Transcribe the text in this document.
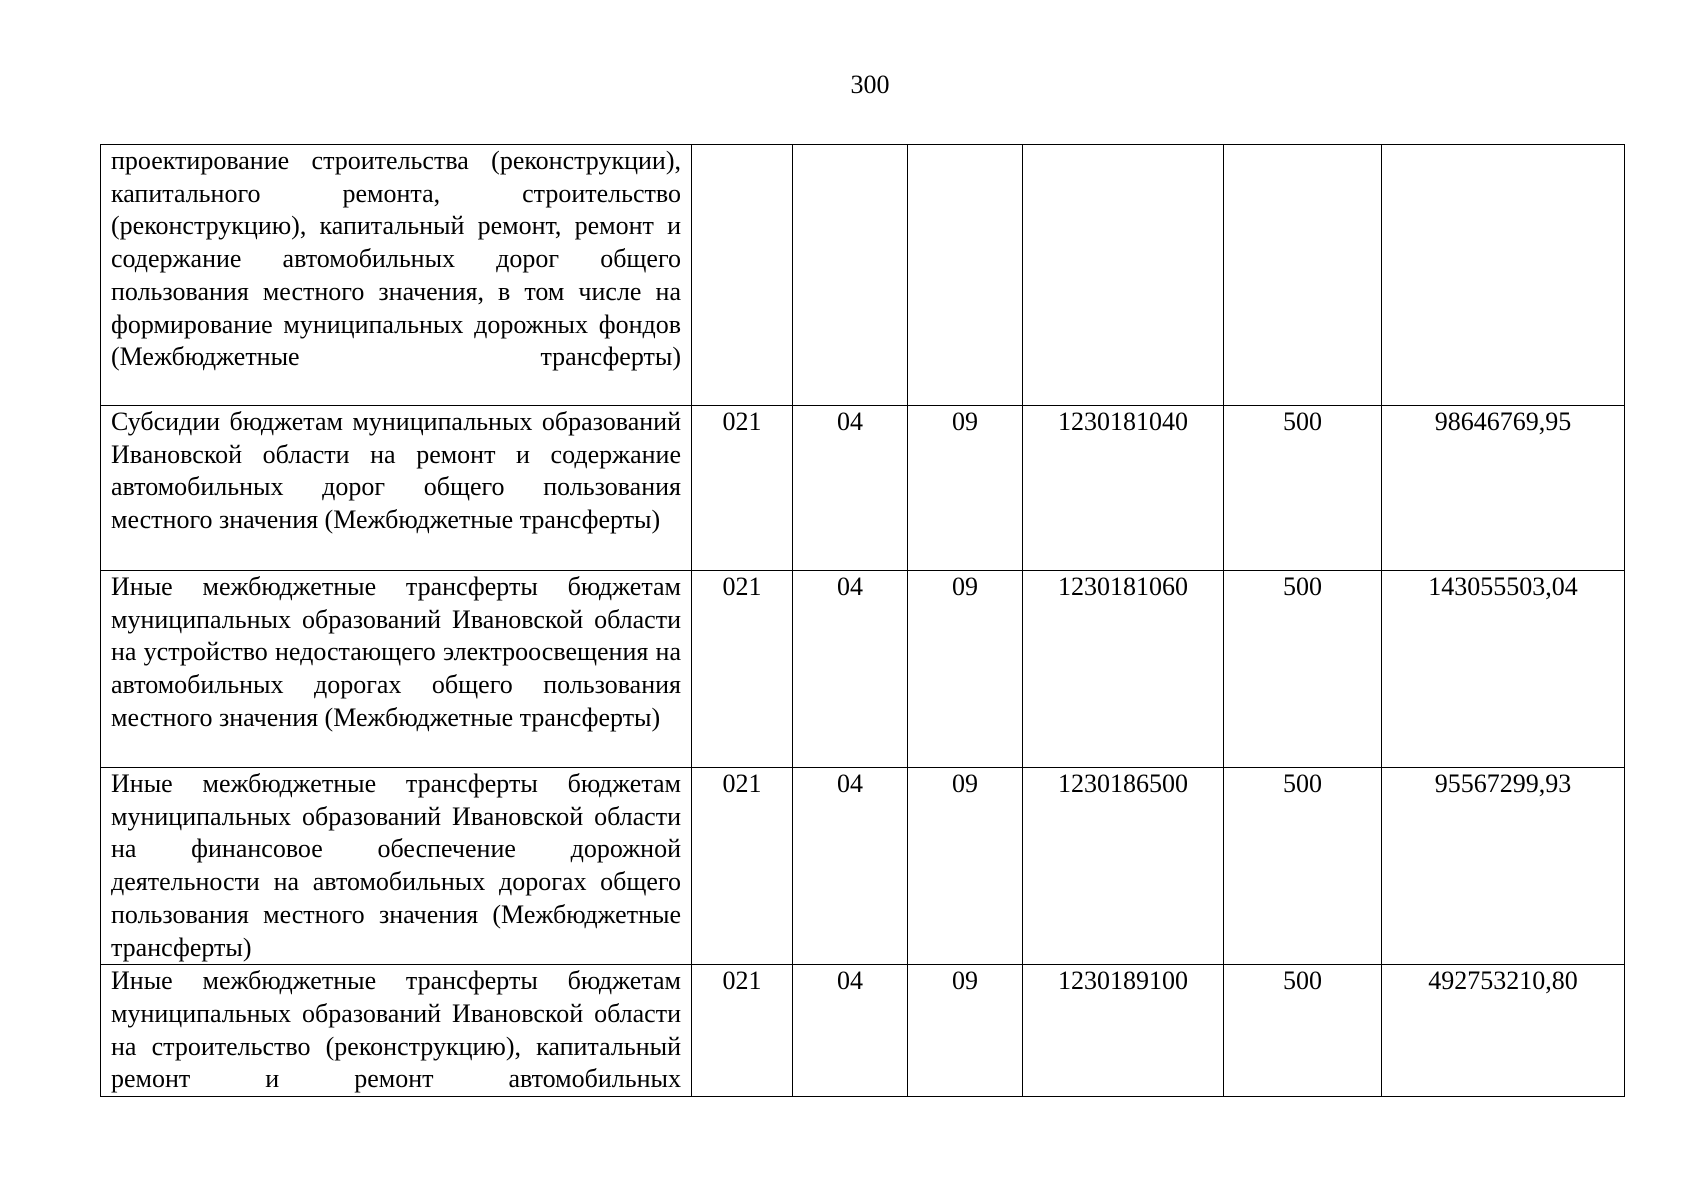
300
проектирование строительства (реконструкции), капитального ремонта, строительство (реконструкцию), капитальный ремонт, ремонт и содержание автомобильных дорог общего пользования местного значения, в том числе на формирование муниципальных дорожных фондов (Межбюджетные трансферты)						
Субсидии бюджетам муниципальных образований Ивановской области на ремонт и содержание автомобильных дорог общего пользования местного значения (Межбюджетные трансферты)	021	04	09	1230181040	500	98646769,95
Иные межбюджетные трансферты бюджетам муниципальных образований Ивановской области на устройство недостающего электроосвещения на автомобильных дорогах общего пользования местного значения (Межбюджетные трансферты)	021	04	09	1230181060	500	143055503,04
Иные межбюджетные трансферты бюджетам муниципальных образований Ивановской области на финансовое обеспечение дорожной деятельности на автомобильных дорогах общего пользования местного значения (Межбюджетные трансферты)	021	04	09	1230186500	500	95567299,93
Иные межбюджетные трансферты бюджетам муниципальных образований Ивановской области на строительство (реконструкцию), капитальный ремонт и ремонт автомобильных	021	04	09	1230189100	500	492753210,80
